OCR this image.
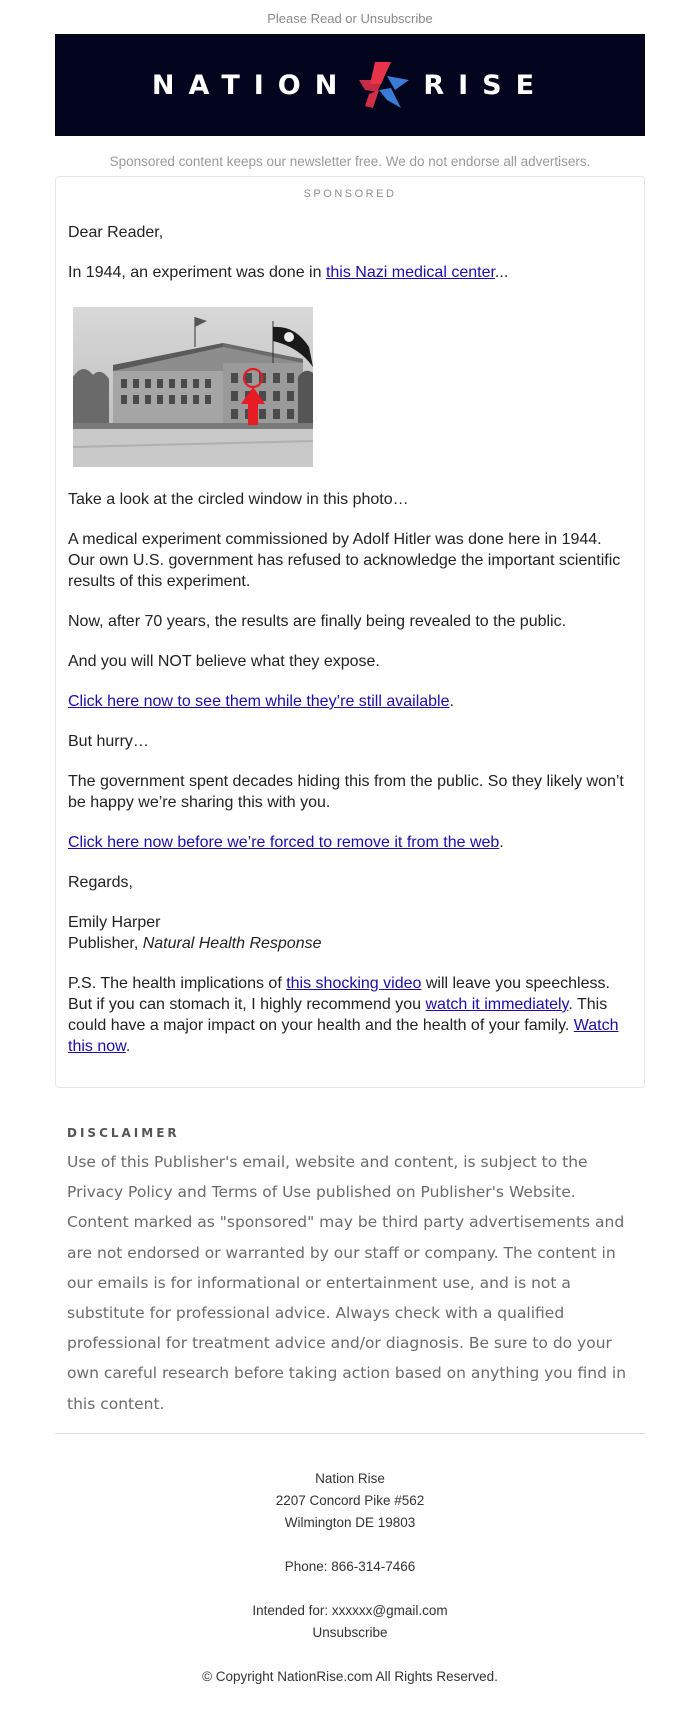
Please Read or Unsubscribe
NATION	RISE
Sponsored content keeps our newsletter free. We do not endorse all advertisers.
SPONSORED

Dear Reader,

In 1944, an experiment was done in this Nazi medical center...

Take a look at the circled window in this photo…

A medical experiment commissioned by Adolf Hitler was done here in 1944. Our own U.S. government has refused to acknowledge the important scientific results of this experiment.

Now, after 70 years, the results are finally being revealed to the public.

And you will NOT believe what they expose.

Click here now to see them while they’re still available.

But hurry…

The government spent decades hiding this from the public. So they likely won’t be happy we’re sharing this with you.

Click here now before we’re forced to remove it from the web.

Regards,

Emily Harper

Publisher, Natural Health Response

P.S. The health implications of this shocking video will leave you speechless. But if you can stomach it, I highly recommend you watch it immediately. This could have a major impact on your health and the health of your family. Watch this now.

DISCLAIMER

Use of this Publisher's email, website and content, is subject to the Privacy Policy and Terms of Use published on Publisher's Website. Content marked as "sponsored" may be third party advertisements and are not endorsed or warranted by our staff or company. The content in our emails is for informational or entertainment use, and is not a substitute for professional advice. Always check with a qualified professional for treatment advice and/or diagnosis. Be sure to do your own careful research before taking action based on anything you find in this content.

Nation Rise
2207 Concord Pike #562
Wilmington DE 19803
Phone: 866-314-7466
Intended for: xxxxxx@gmail.com
Unsubscribe
© Copyright NationRise.com All Rights Reserved.
